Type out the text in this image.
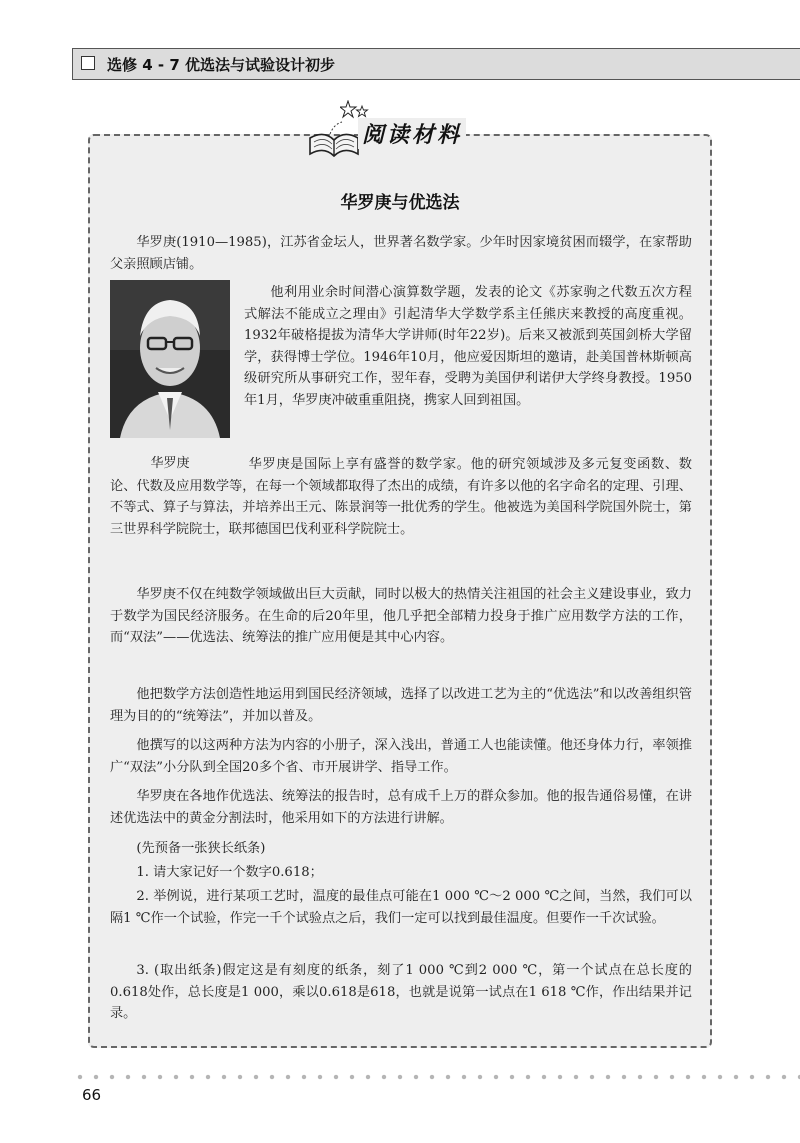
选修 4 - 7 优选法与试验设计初步
阅读材料
华罗庚与优选法

华罗庚(1910—1985)，江苏省金坛人，世界著名数学家。少年时因家境贫困而辍学，在家帮助父亲照顾店铺。

华罗庚

他利用业余时间潜心演算数学题，发表的论文《苏家驹之代数五次方程式解法不能成立之理由》引起清华大学数学系主任熊庆来教授的高度重视。1932年破格提拔为清华大学讲师(时年22岁)。后来又被派到英国剑桥大学留学，获得博士学位。1946年10月，他应爱因斯坦的邀请，赴美国普林斯顿高级研究所从事研究工作，翌年春，受聘为美国伊利诺伊大学终身教授。1950年1月，华罗庚冲破重重阻挠，携家人回到祖国。

华罗庚是国际上享有盛誉的数学家。他的研究领域涉及多元复变函数、数论、代数及应用数学等，在每一个领域都取得了杰出的成绩，有许多以他的名字命名的定理、引理、不等式、算子与算法，并培养出王元、陈景润等一批优秀的学生。他被选为美国科学院国外院士，第三世界科学院院士，联邦德国巴伐利亚科学院院士。

华罗庚不仅在纯数学领域做出巨大贡献，同时以极大的热情关注祖国的社会主义建设事业，致力于数学为国民经济服务。在生命的后20年里，他几乎把全部精力投身于推广应用数学方法的工作，而“双法”——优选法、统筹法的推广应用便是其中心内容。

他把数学方法创造性地运用到国民经济领域，选择了以改进工艺为主的“优选法”和以改善组织管理为目的的“统筹法”，并加以普及。

他撰写的以这两种方法为内容的小册子，深入浅出，普通工人也能读懂。他还身体力行，率领推广“双法”小分队到全国20多个省、市开展讲学、指导工作。

华罗庚在各地作优选法、统筹法的报告时，总有成千上万的群众参加。他的报告通俗易懂，在讲述优选法中的黄金分割法时，他采用如下的方法进行讲解。

(先预备一张狭长纸条)

1. 请大家记好一个数字0.618；

2. 举例说，进行某项工艺时，温度的最佳点可能在1 000 ℃～2 000 ℃之间，当然，我们可以隔1 ℃作一个试验，作完一千个试验点之后，我们一定可以找到最佳温度。但要作一千次试验。

3. (取出纸条)假定这是有刻度的纸条，刻了1 000 ℃到2 000 ℃，第一个试点在总长度的0.618处作，总长度是1 000，乘以0.618是618，也就是说第一试点在1 618 ℃作，作出结果并记录。

66
